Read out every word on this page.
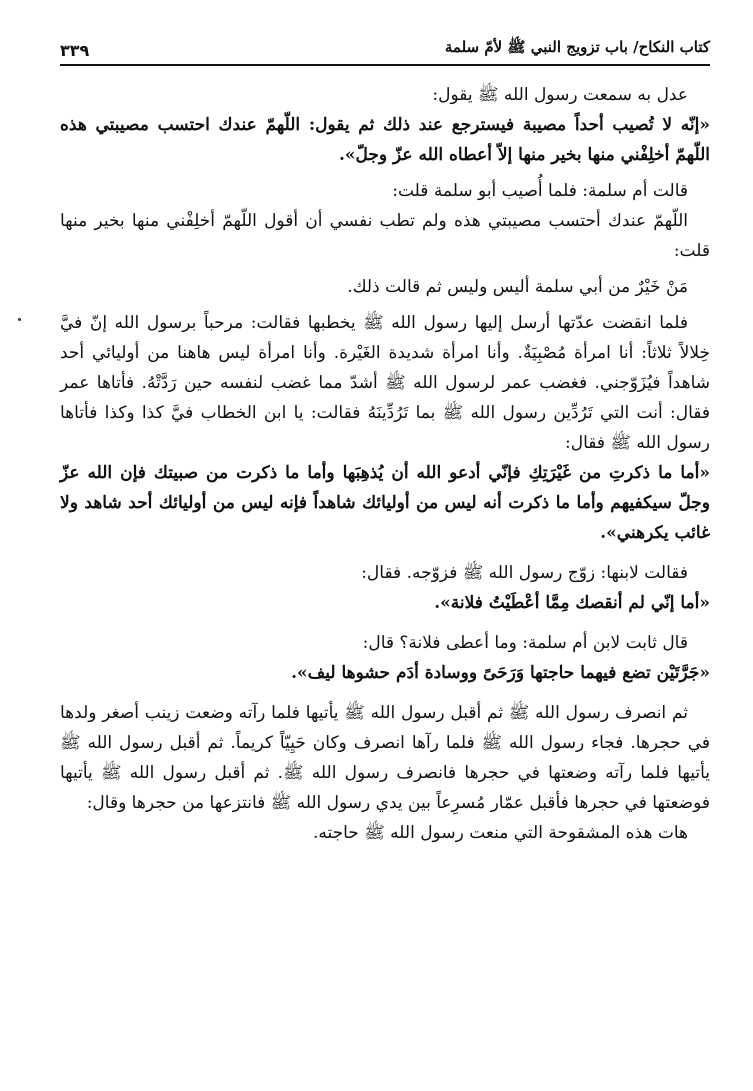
كتاب النكاح/ باب تزويج النبي ﷺ لأمّ سلمة
٣٣٩

عدل به سمعت رسول الله ﷺ يقول:

«إنّه لا تُصيب أحداً مصيبة فيسترجع عند ذلك ثم يقول: اللّهمّ عندك احتسب مصيبتي هذه اللّهمّ أخلِفْني منها بخير منها إلاّ أعطاه الله عزّ وجلّ».

قالت أم سلمة: فلما أُصيب أبو سلمة قلت:

اللّهمّ عندك أحتسب مصيبتي هذه ولم تطب نفسي أن أقول اللّهمّ أخلِفْني منها بخير منها قلت:

مَنْ خَيْرٌ من أبي سلمة أليس وليس ثم قالت ذلك.

فلما انقضت عدّتها أرسل إليها رسول الله ﷺ يخطبها فقالت: مرحباً برسول الله إنّ فيَّ خِلالاً ثلاثاً: أنا امرأة مُصْبِيَةٌ. وأنا امرأة شديدة الغَيْرة. وأنا امرأة ليس هاهنا من أوليائي أحد شاهداً فيُزَوّجني. فغضب عمر لرسول الله ﷺ أشدّ مما غضب لنفسه حين رَدَّتْهُ. فأتاها عمر فقال: أنت التي تَرُدِّين رسول الله ﷺ بما تَرُدِّينَهُ فقالت: يا ابن الخطاب فيَّ كذا وكذا فأتاها رسول الله ﷺ فقال:

«أما ما ذكرتِ من غَيْرَتِكِ فإنّي أدعو الله أن يُذهِبَها وأما ما ذكرت من صبيتك فإن الله عزّ وجلّ سيكفيهم وأما ما ذكرت أنه ليس من أوليائك شاهداً فإنه ليس من أوليائك أحد شاهد ولا غائب يكرهني».

فقالت لابنها: زوّج رسول الله ﷺ فزوّجه. فقال:

«أما إنّي لم أنقصك مِمَّا أعْطَيْتُ فلانة».

قال ثابت لابن أم سلمة: وما أعطى فلانة؟ قال:

«جَرَّتَيْن تضع فيهما حاجتها وَرَحَىً ووسادة أدَم حشوها ليف».

ثم انصرف رسول الله ﷺ ثم أقبل رسول الله ﷺ يأتيها فلما رآته وضعت زينب أصغر ولدها في حجرها. فجاء رسول الله ﷺ فلما رآها انصرف وكان حَيِيّاً كريماً. ثم أقبل رسول الله ﷺ يأتيها فلما رآته وضعتها في حجرها فانصرف رسول الله ﷺ. ثم أقبل رسول الله ﷺ يأتيها فوضعتها في حجرها فأقبل عمّار مُسرِعاً بين يدي رسول الله ﷺ فانتزعها من حجرها وقال:

هات هذه المشقوحة التي منعت رسول الله ﷺ حاجته.
